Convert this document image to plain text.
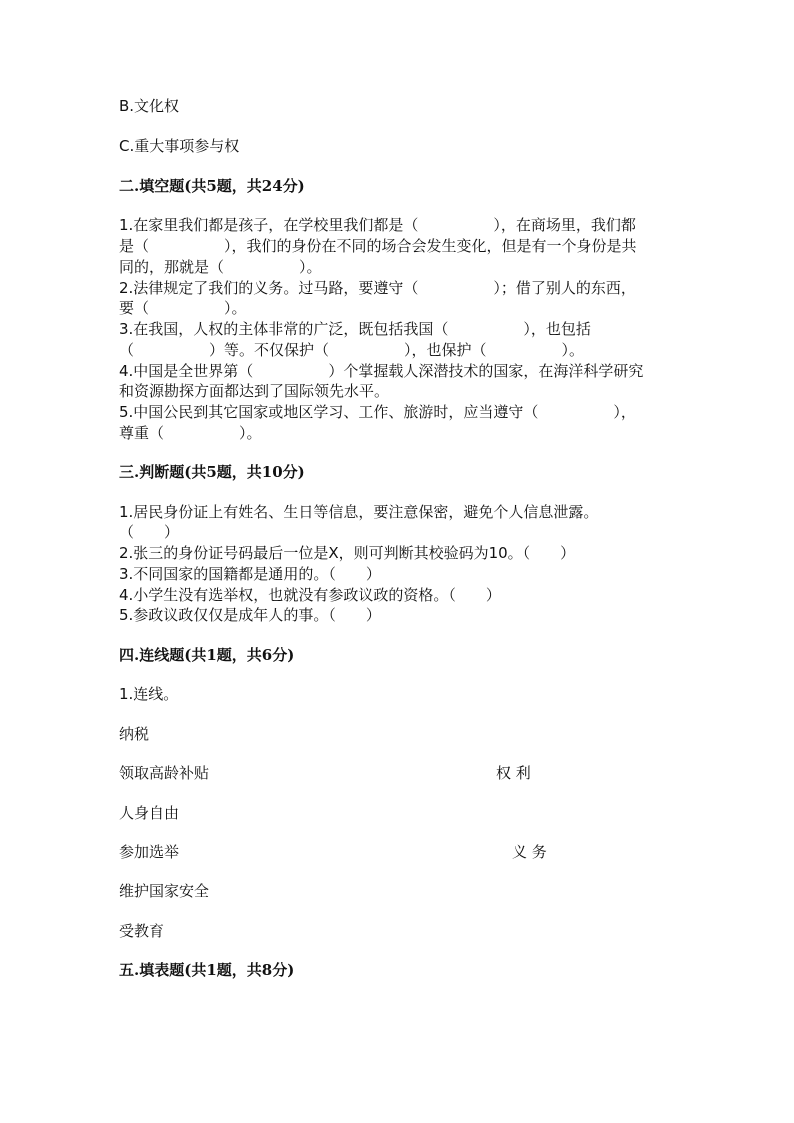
B.文化权
C.重大事项参与权
二.填空题(共5题，共24分)
1.在家里我们都是孩子，在学校里我们都是（　　　　　），在商场里，我们都
是（　　　　　），我们的身份在不同的场合会发生变化，但是有一个身份是共
同的，那就是（　　　　　）。
2.法律规定了我们的义务。过马路，要遵守（　　　　　）；借了别人的东西，
要（　　　　　）。
3.在我国，人权的主体非常的广泛，既包括我国（　　　　　），也包括
（　　　　　）等。不仅保护（　　　　　），也保护（　　　　　）。
4.中国是全世界第（　　　　　）个掌握载人深潜技术的国家，在海洋科学研究
和资源勘探方面都达到了国际领先水平。
5.中国公民到其它国家或地区学习、工作、旅游时，应当遵守（　　　　　），
尊重（　　　　　）。
三.判断题(共5题，共10分)
1.居民身份证上有姓名、生日等信息，要注意保密，避免个人信息泄露。
（　　）
2.张三的身份证号码最后一位是X，则可判断其校验码为10。（　　）
3.不同国家的国籍都是通用的。（　　）
4.小学生没有选举权，也就没有参政议政的资格。（　　）
5.参政议政仅仅是成年人的事。（　　）
四.连线题(共1题，共6分)
1.连线。
纳税
领取高龄补贴
人身自由
参加选举
维护国家安全
受教育
权 利
义 务
五.填表题(共1题，共8分)
